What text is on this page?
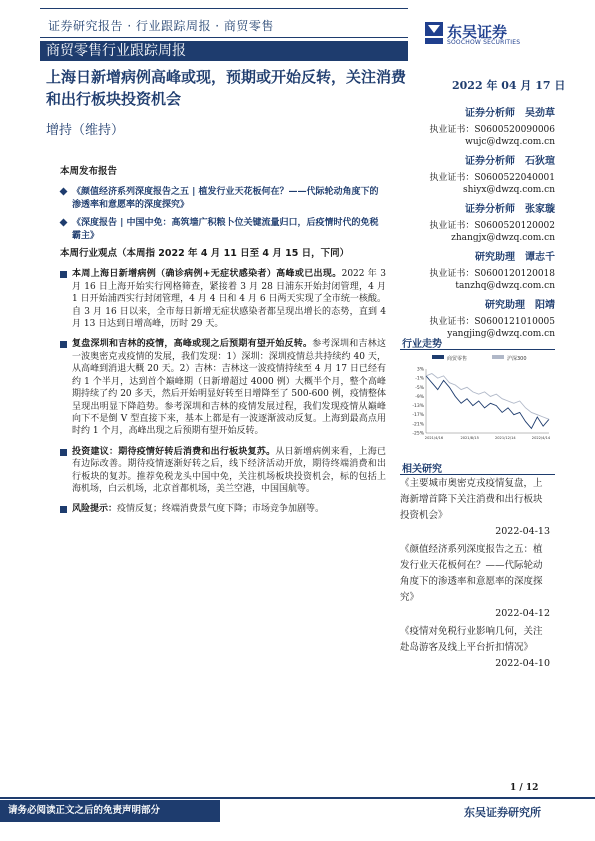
证券研究报告 · 行业跟踪周报 · 商贸零售	东吴证券
SOOCHOW SECURITIES
商贸零售行业跟踪周报
上海日新增病例高峰或现，预期或开始反转，关注消费和出行板块投资机会
增持（维持）
2022 年 04 月 17 日
证券分析师 吴劲草
执业证书：S0600520090006
wujc@dwzq.com.cn
证券分析师 石狄瑄
执业证书：S0600522040001
shiyx@dwzq.com.cn
证券分析师 张家璇
执业证书：S0600520120002
zhangjx@dwzq.com.cn
研究助理 谭志千
执业证书：S0600120120018
tanzhq@dwzq.com.cn
研究助理 阳靖
执业证书：S0600121010005
yangjing@dwzq.com.cn
本周发布报告
《颜值经济系列深度报告之五 | 植发行业天花板何在？——代际轮动角度下的渗透率和意愿率的深度探究》
《深度报告 | 中国中免：高筑墙广积粮卜位关键流量归口，后疫情时代的免税霸主》
本周行业观点（本周指 2022 年 4 月 11 日至 4 月 15 日，下同）
本周上海日新增病例（确诊病例+无症状感染者）高峰或已出现。2022 年 3 月 16 日上海开始实行网格筛查，紧接着 3 月 28 日浦东开始封闭管理，4 月 1 日开始浦西实行封闭管理，4 月 4 日和 4 月 6 日两天实现了全市统一核酸。自 3 月 16 日以来，全市每日新增无症状感染者都呈现出增长的态势，直到 4 月 13 日达到日增高峰，历时 29 天。
复盘深圳和吉林的疫情，高峰或现之后预期有望开始反转。参考深圳和吉林这一波奥密克戎疫情的发展，我们发现：1）深圳：深圳疫情总共持续约 40 天，从高峰到消退大概 20 天。2）吉林：吉林这一波疫情持续至 4 月 17 日已经有约 1 个半月，达到首个巅峰期（日新增超过 4000 例）大概半个月，整个高峰期持续了约 20 多天，然后开始明显好转至日增降至了 500-600 例，疫情整体呈现出明显下降趋势。参考深圳和吉林的疫情发展过程，我们发现疫情从巅峰向下不是倒 V 型直接下来，基本上都是有一波逐渐波动反复。上海到最高点用时约 1 个月，高峰出现之后预期有望开始反转。
投资建议：期待疫情好转后消费和出行板块复苏。从日新增病例来看，上海已有边际改善。期待疫情逐渐好转之后，线下经济活动开放，期待终端消费和出行板块的复苏。推荐免税龙头中国中免，关注机场板块投资机会，标的包括上海机场，白云机场，北京首都机场，美兰空港，中国国航等。
风险提示：疫情反复；终端消费景气度下降；市场竞争加剧等。
行业走势
商贸零售	沪深300
3%
-1%
-5%
-9%
-13%
-17%
-21%
-25%
2021/4/16	2021/8/15	2021/12/14	2022/4/14
相关研究
《主要城市奥密克戎疫情复盘，上海新增首降下关注消费和出行板块投资机会》
2022-04-13
《颜值经济系列深度报告之五：植发行业天花板何在？——代际轮动角度下的渗透率和意愿率的深度探究》
2022-04-12
《疫情对免税行业影响几何，关注赴岛游客及线上平台折扣情况》
2022-04-10
1 / 12
请务必阅读正文之后的免责声明部分	东吴证券研究所
